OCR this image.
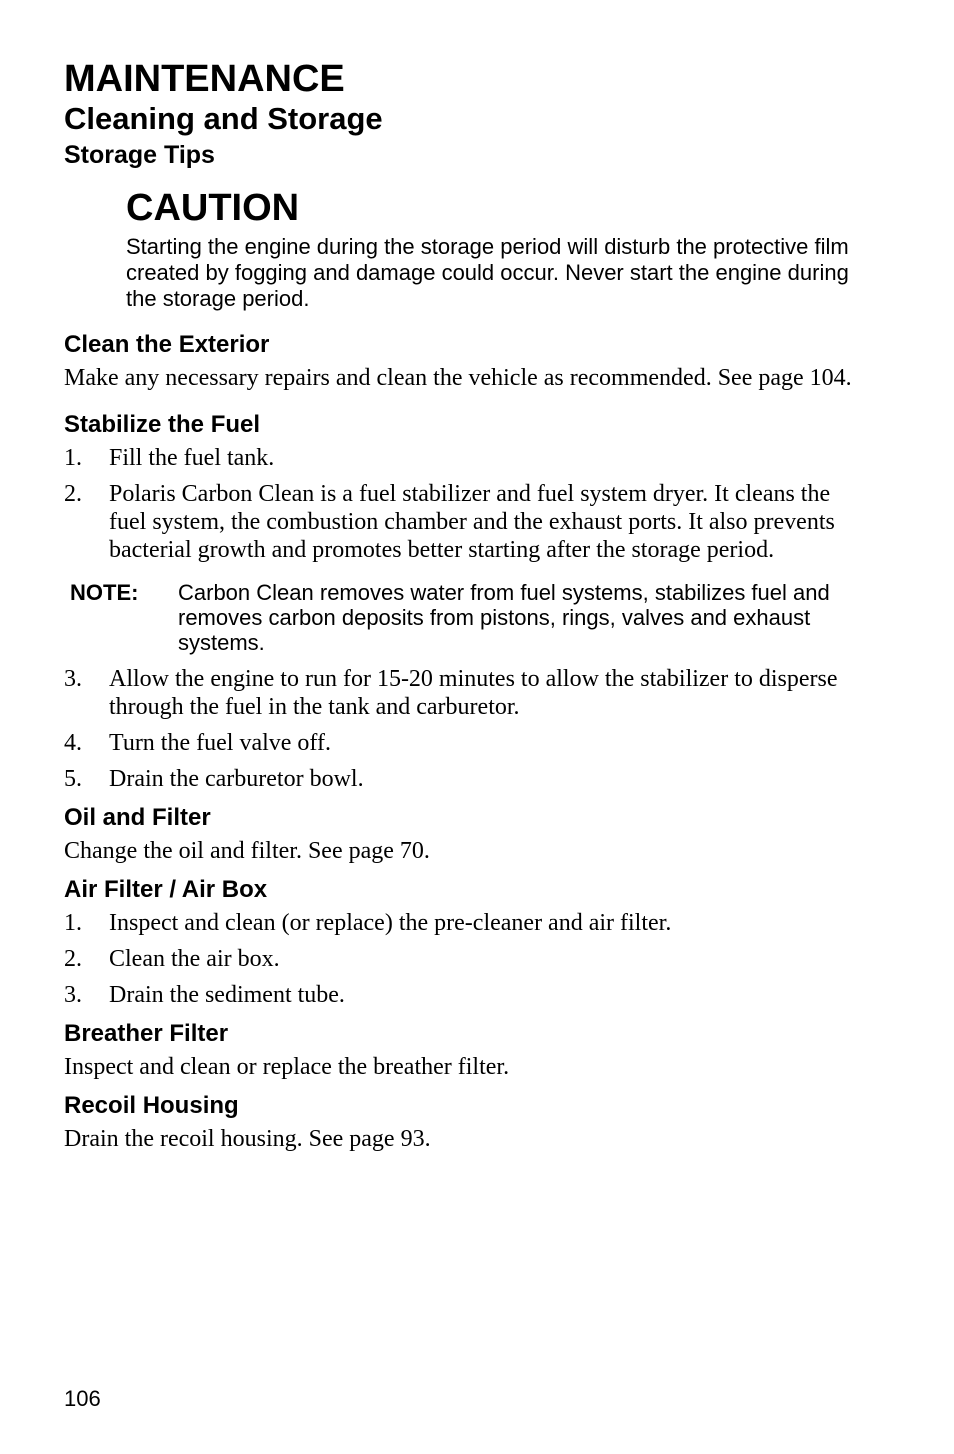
MAINTENANCE
Cleaning and Storage
Storage Tips
CAUTION
Starting the engine during the storage period will disturb the protective film created by fogging and damage could occur. Never start the engine during the storage period.
Clean the Exterior

Make any necessary repairs and clean the vehicle as recommended. See page 104.

Stabilize the Fuel
1.	Fill the fuel tank.
2.	Polaris Carbon Clean is a fuel stabilizer and fuel system dryer. It cleans the fuel system, the combustion chamber and the exhaust ports. It also prevents bacterial growth and promotes better starting after the storage period.
NOTE:	Carbon Clean removes water from fuel systems, stabilizes fuel and removes carbon deposits from pistons, rings, valves and exhaust systems.
3.	Allow the engine to run for 15-20 minutes to allow the stabilizer to disperse through the fuel in the tank and carburetor.
4.	Turn the fuel valve off.
5.	Drain the carburetor bowl.
Oil and Filter

Change the oil and filter. See page 70.

Air Filter / Air Box
1.	Inspect and clean (or replace) the pre-cleaner and air filter.
2.	Clean the air box.
3.	Drain the sediment tube.
Breather Filter

Inspect and clean or replace the breather filter.

Recoil Housing

Drain the recoil housing. See page 93.

106
